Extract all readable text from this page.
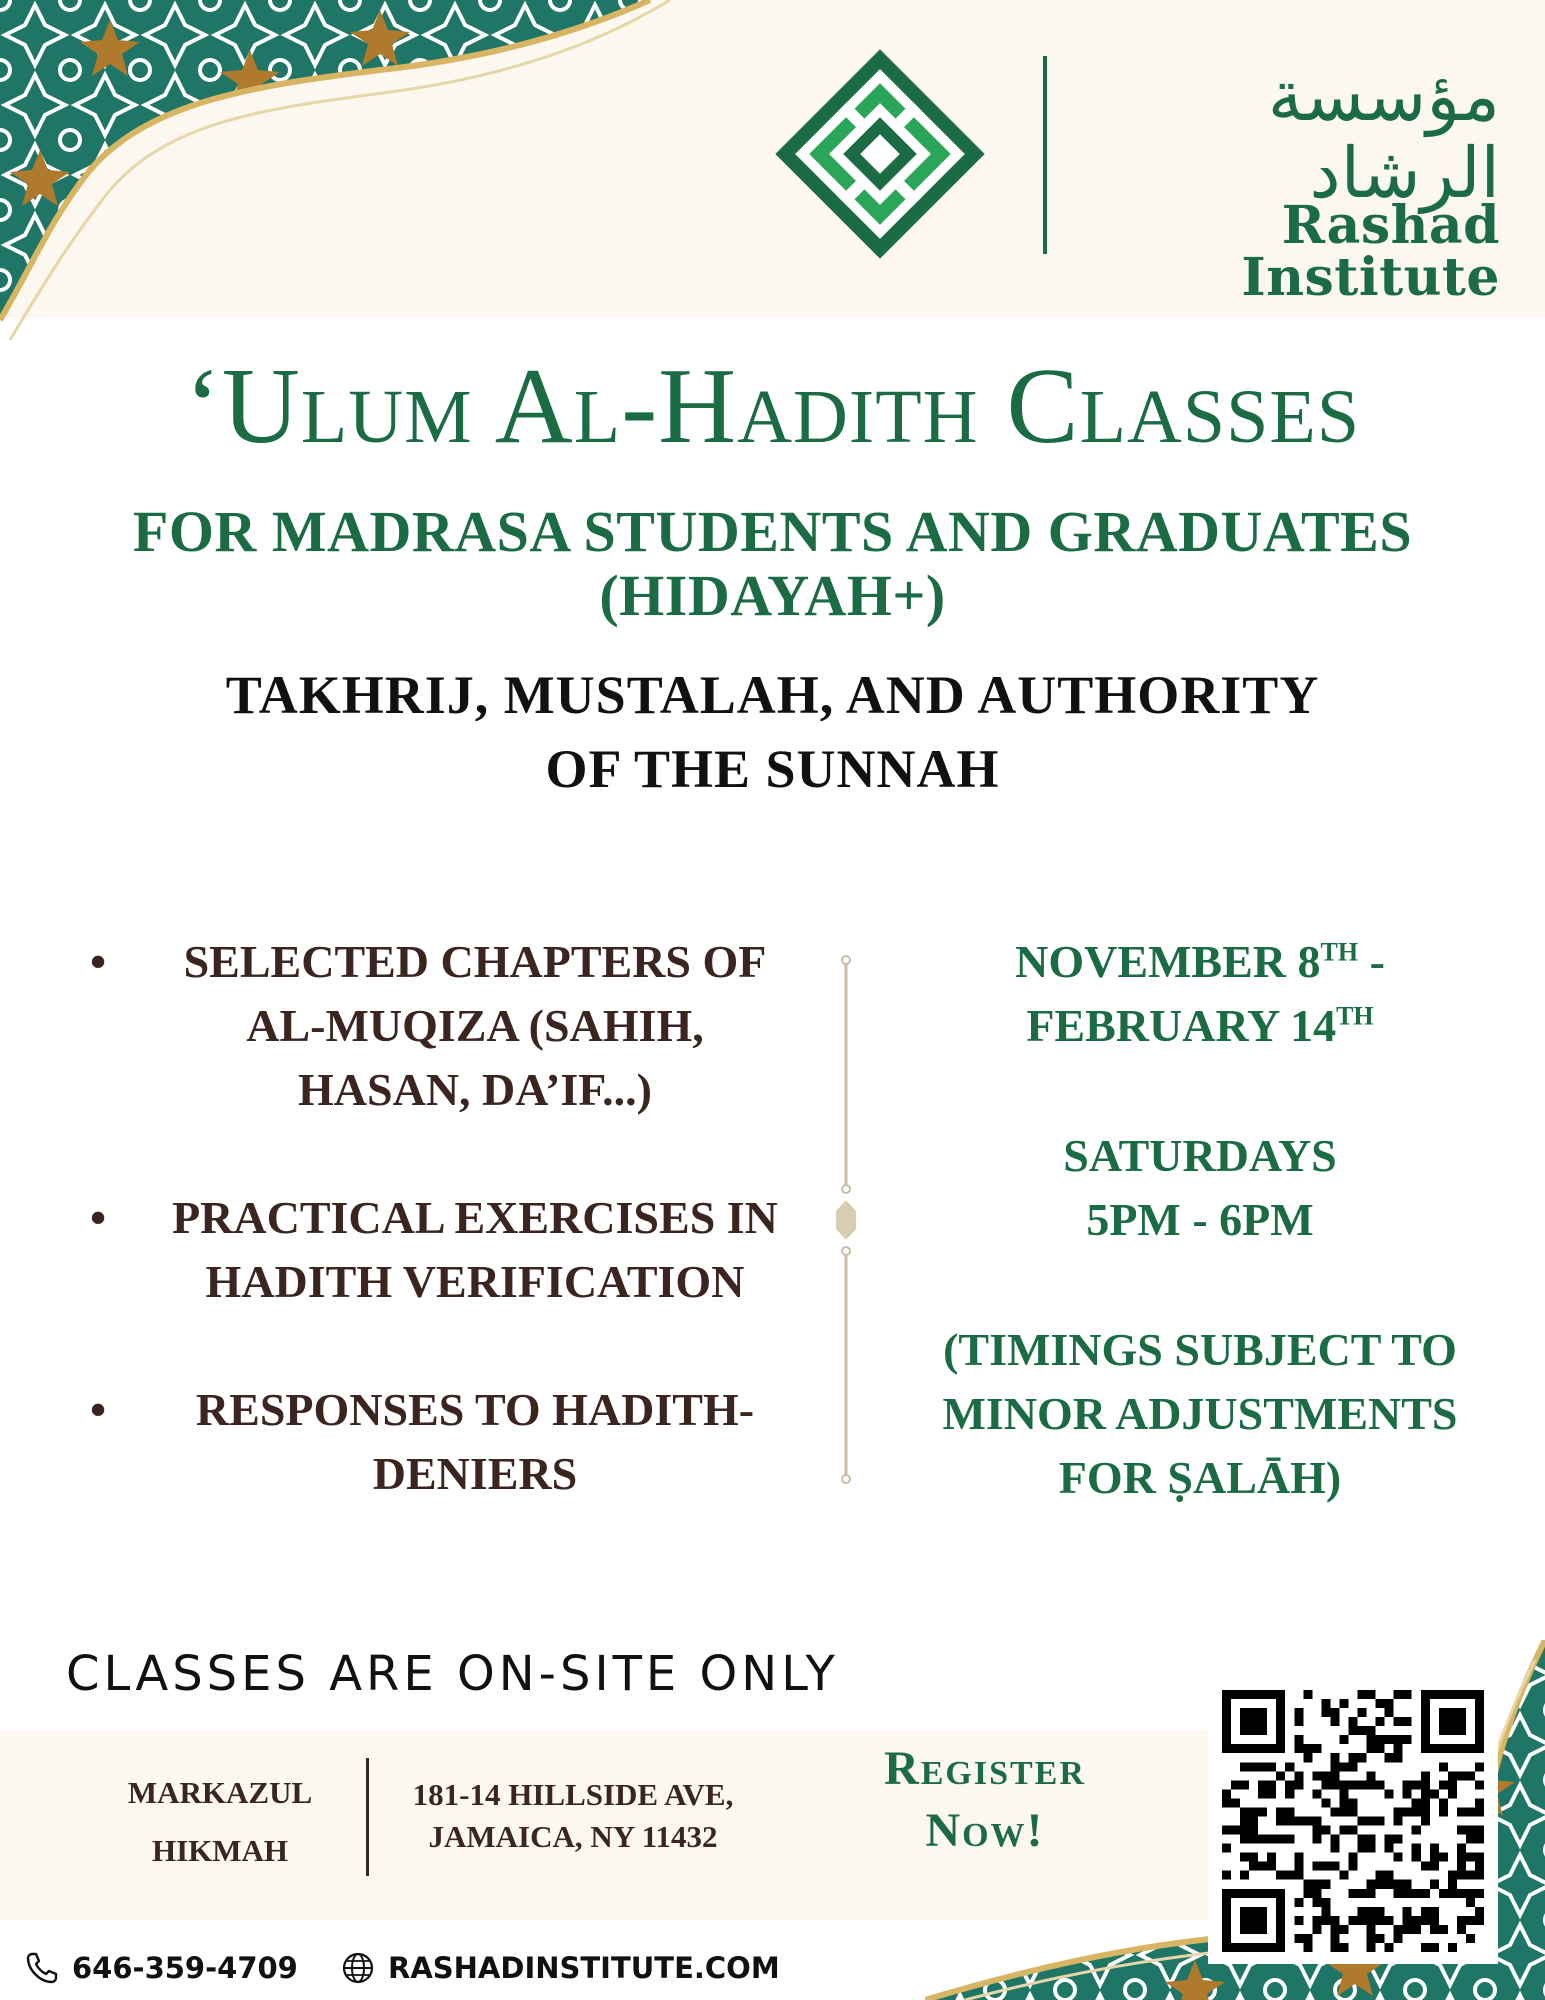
مؤسسة الرشاد
Rashad Institute
‘Ulum Al-Hadith Classes
FOR MADRASA STUDENTS AND GRADUATES (HIDAYAH+)
TAKHRIJ, MUSTALAH, AND AUTHORITY
OF THE SUNNAH
• SELECTED CHAPTERS OF
AL-MUQIZA (SAHIH,
HASAN, DA’IF...)
• PRACTICAL EXERCISES IN
HADITH VERIFICATION
• RESPONSES TO HADITH-
DENIERS
NOVEMBER 8TH -
FEBRUARY 14TH
SATURDAYS
5PM - 6PM
(TIMINGS SUBJECT TO
MINOR ADJUSTMENTS
FOR ṢALĀH)
CLASSES ARE ON-SITE ONLY
MARKAZUL
HIKMAH
181-14 HILLSIDE AVE,
JAMAICA, NY 11432
Register
Now!
646-359-4709	RASHADINSTITUTE.COM
